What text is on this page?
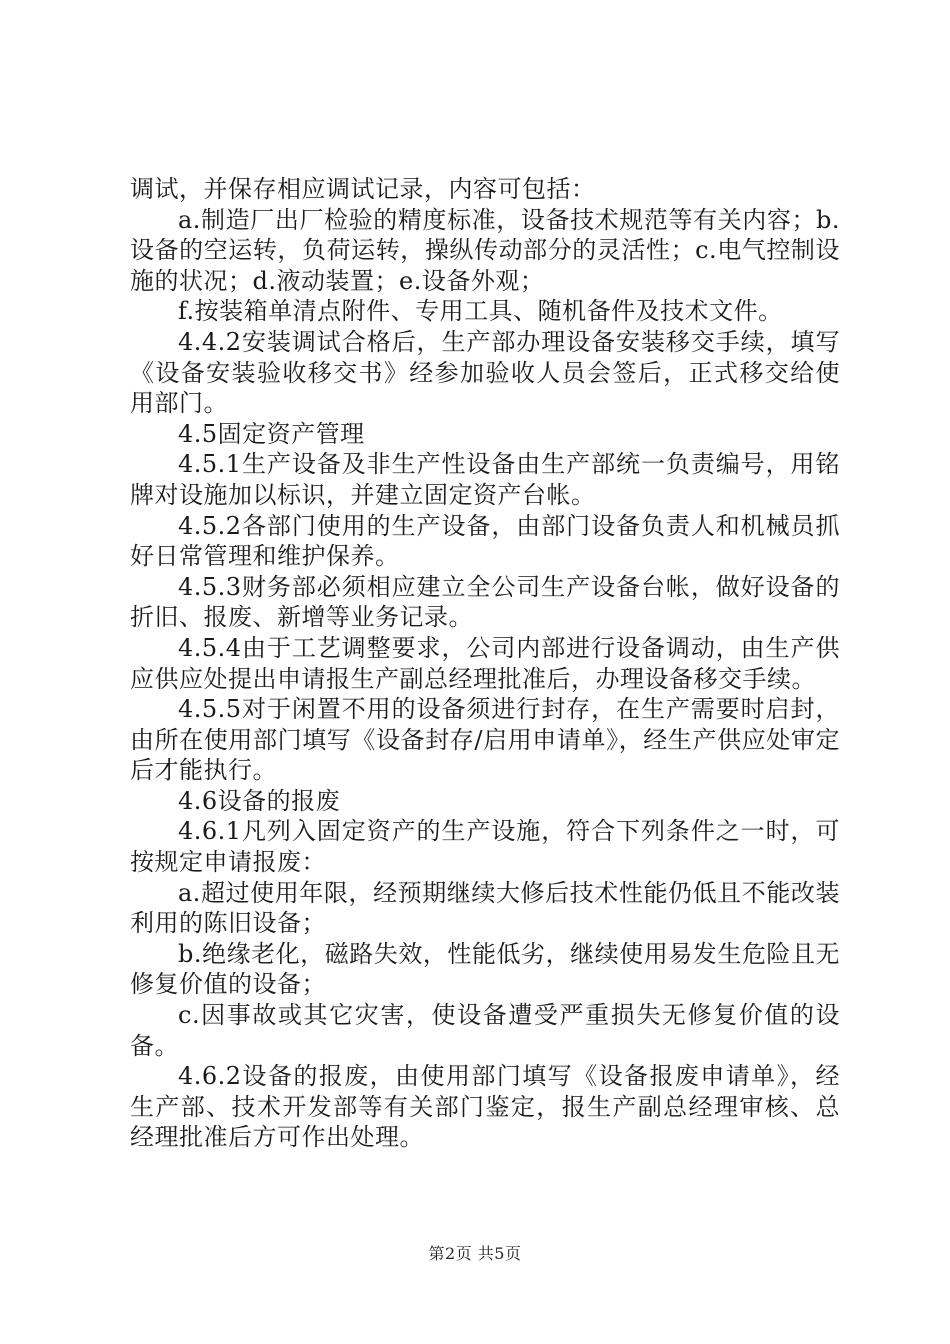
调试，并保存相应调试记录，内容可包括：

a.制造厂出厂检验的精度标准，设备技术规范等有关内容；b.设备的空运转，负荷运转，操纵传动部分的灵活性；c.电气控制设施的状况；d.液动装置；e.设备外观；

f.按装箱单清点附件、专用工具、随机备件及技术文件。

4.4.2安装调试合格后，生产部办理设备安装移交手续，填写《设备安装验收移交书》经参加验收人员会签后，正式移交给使用部门。

4.5固定资产管理

4.5.1生产设备及非生产性设备由生产部统一负责编号，用铭牌对设施加以标识，并建立固定资产台帐。

4.5.2各部门使用的生产设备，由部门设备负责人和机械员抓好日常管理和维护保养。

4.5.3财务部必须相应建立全公司生产设备台帐，做好设备的折旧、报废、新增等业务记录。

4.5.4由于工艺调整要求，公司内部进行设备调动，由生产供应供应处提出申请报生产副总经理批准后，办理设备移交手续。

4.5.5对于闲置不用的设备须进行封存，在生产需要时启封，由所在使用部门填写《设备封存/启用申请单》，经生产供应处审定后才能执行。

4.6设备的报废

4.6.1凡列入固定资产的生产设施，符合下列条件之一时，可按规定申请报废：

a.超过使用年限，经预期继续大修后技术性能仍低且不能改装利用的陈旧设备；

b.绝缘老化，磁路失效，性能低劣，继续使用易发生危险且无修复价值的设备；

c.因事故或其它灾害，使设备遭受严重损失无修复价值的设备。

4.6.2设备的报废，由使用部门填写《设备报废申请单》，经生产部、技术开发部等有关部门鉴定，报生产副总经理审核、总经理批准后方可作出处理。

第2页 共5页
